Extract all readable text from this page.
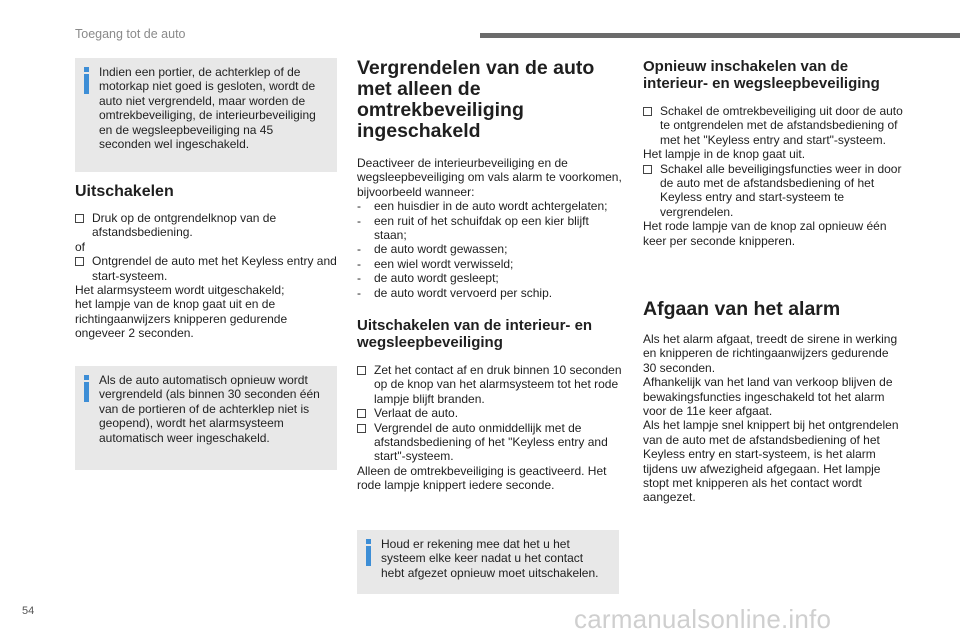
Toegang tot de auto

Indien een portier, de achterklep of de motorkap niet goed is gesloten, wordt de auto niet vergrendeld, maar worden de omtrekbeveiliging, de interieurbeveiliging en de wegsleepbeveiliging na 45 seconden wel ingeschakeld.

Uitschakelen
Druk op de ontgrendelknop van de afstandsbediening.

of

Ontgrendel de auto met het Keyless entry and start-systeem.

Het alarmsysteem wordt uitgeschakeld;

het lampje van de knop gaat uit en de richtingaanwijzers knipperen gedurende ongeveer 2 seconden.

Als de auto automatisch opnieuw wordt vergrendeld (als binnen 30 seconden één van de portieren of de achterklep niet is geopend), wordt het alarmsysteem automatisch weer ingeschakeld.

Vergrendelen van de auto met alleen de omtrekbeveiliging ingeschakeld

Deactiveer de interieurbeveiliging en de wegsleepbeveiliging om vals alarm te voorkomen, bijvoorbeeld wanneer:

- een huisdier in de auto wordt achtergelaten;
- een ruit of het schuifdak op een kier blijft staan;
- de auto wordt gewassen;
- een wiel wordt verwisseld;
- de auto wordt gesleept;
- de auto wordt vervoerd per schip.
Uitschakelen van de interieur- en wegsleepbeveiliging
Zet het contact af en druk binnen 10 seconden op de knop van het alarmsysteem tot het rode lampje blijft branden.
Verlaat de auto.
Vergrendel de auto onmiddellijk met de afstandsbediening of het "Keyless entry and start"-systeem.

Alleen de omtrekbeveiliging is geactiveerd. Het rode lampje knippert iedere seconde.

Houd er rekening mee dat het u het systeem elke keer nadat u het contact hebt afgezet opnieuw moet uitschakelen.

Opnieuw inschakelen van de interieur- en wegsleepbeveiliging
Schakel de omtrekbeveiliging uit door de auto te ontgrendelen met de afstandsbediening of met het "Keyless entry and start"-systeem.

Het lampje in de knop gaat uit.

Schakel alle beveiligingsfuncties weer in door de auto met de afstandsbediening of het Keyless entry and start-systeem te vergrendelen.

Het rode lampje van de knop zal opnieuw één keer per seconde knipperen.

Afgaan van het alarm

Als het alarm afgaat, treedt de sirene in werking en knipperen de richtingaanwijzers gedurende 30 seconden.

Afhankelijk van het land van verkoop blijven de bewakingsfuncties ingeschakeld tot het alarm voor de 11e keer afgaat.

Als het lampje snel knippert bij het ontgrendelen van de auto met de afstandsbediening of het Keyless entry en start-systeem, is het alarm tijdens uw afwezigheid afgegaan. Het lampje stopt met knipperen als het contact wordt aangezet.

54	carmanualsonline.info
